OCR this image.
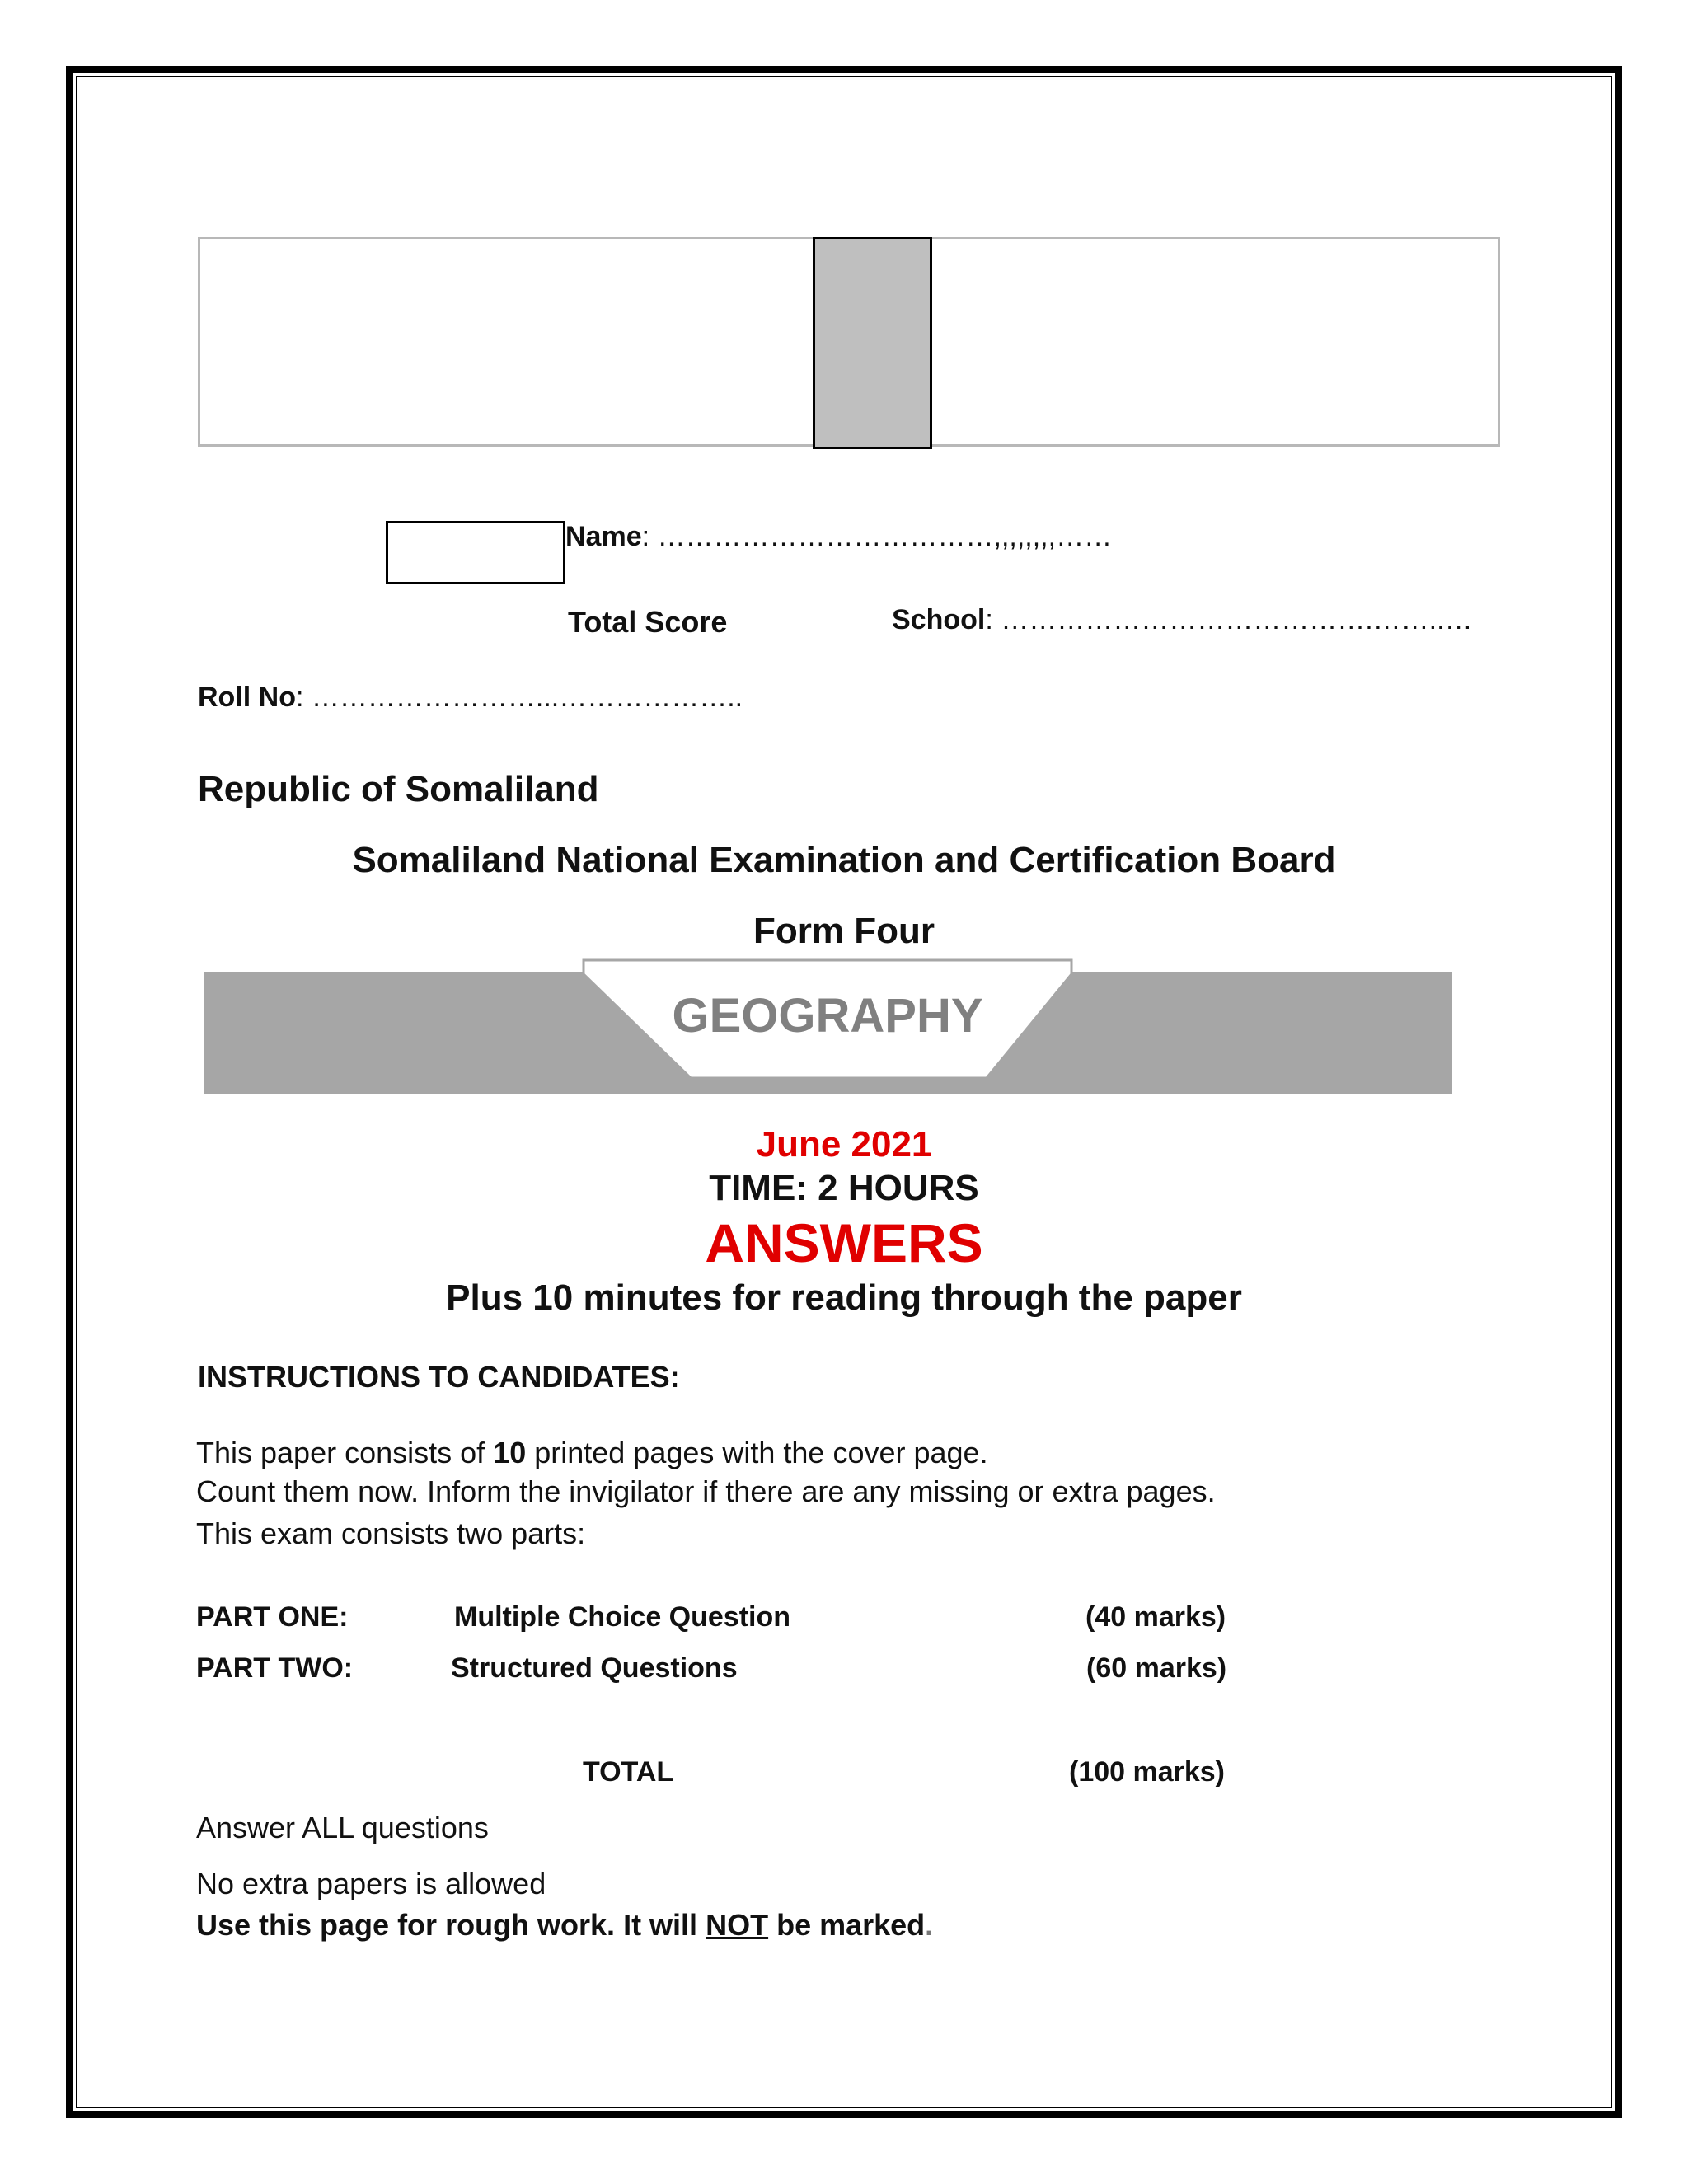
Name: ………………………………,,,,,,,,……
Total Score	School: ………………………………….……..…
Roll No: ……………………...………………..
Republic of Somaliland
Somaliland National Examination and Certification Board
Form Four
GEOGRAPHY
June 2021
TIME: 2 HOURS
ANSWERS
Plus 10 minutes for reading through the paper
INSTRUCTIONS TO CANDIDATES:
This paper consists of 10 printed pages with the cover page.
Count them now. Inform the invigilator if there are any missing or extra pages.
This exam consists two parts:
PART ONE:	Multiple Choice Question	(40 marks)
PART TWO:	Structured Questions	(60 marks)
TOTAL	(100 marks)
Answer ALL questions
No extra papers is allowed
Use this page for rough work. It will NOT be marked.
